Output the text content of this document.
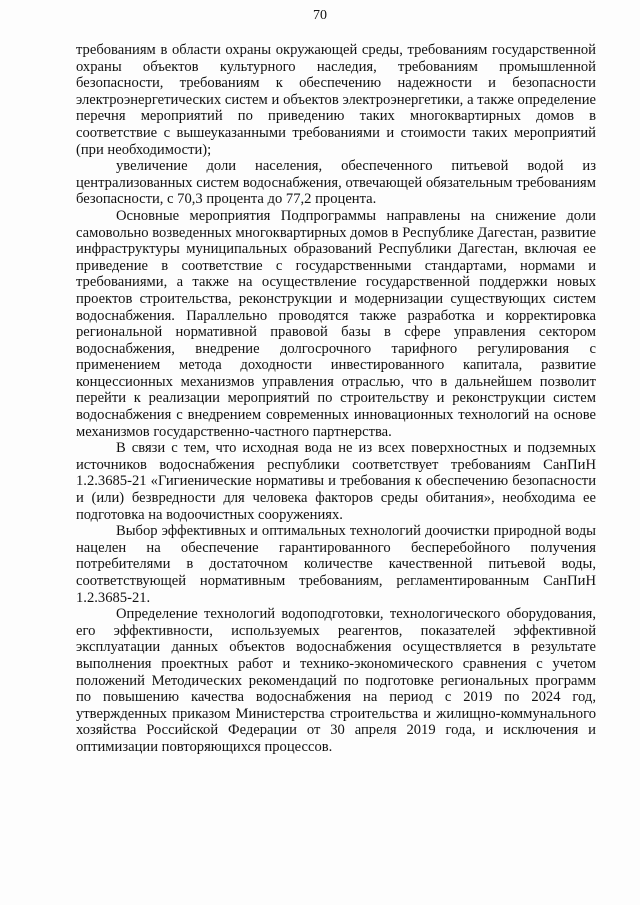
70

требованиям в области охраны окружающей среды, требованиям государственной охраны объектов культурного наследия, требованиям промышленной безопасности, требованиям к обеспечению надежности и безопасности электроэнергетических систем и объектов электроэнергетики, а также определение перечня мероприятий по приведению таких многоквартирных домов в соответствие с вышеуказанными требованиями и стоимости таких мероприятий (при необходимости);

увеличение доли населения, обеспеченного питьевой водой из централизованных систем водоснабжения, отвечающей обязательным требованиям безопасности, с 70,3 процента до 77,2 процента.

Основные мероприятия Подпрограммы направлены на снижение доли самовольно возведенных многоквартирных домов в Республике Дагестан, развитие инфраструктуры муниципальных образований Республики Дагестан, включая ее приведение в соответствие с государственными стандартами, нормами и требованиями, а также на осуществление государственной поддержки новых проектов строительства, реконструкции и модернизации существующих систем водоснабжения. Параллельно проводятся также разработка и корректировка региональной нормативной правовой базы в сфере управления сектором водоснабжения, внедрение долгосрочного тарифного регулирования с применением метода доходности инвестированного капитала, развитие концессионных механизмов управления отраслью, что в дальнейшем позволит перейти к реализации мероприятий по строительству и реконструкции систем водоснабжения с внедрением современных инновационных технологий на основе механизмов государственно-частного партнерства.

В связи с тем, что исходная вода не из всех поверхностных и подземных источников водоснабжения республики соответствует требованиям СанПиН 1.2.3685-21 «Гигиенические нормативы и требования к обеспечению безопасности и (или) безвредности для человека факторов среды обитания», необходима ее подготовка на водоочистных сооружениях.

Выбор эффективных и оптимальных технологий доочистки природной воды нацелен на обеспечение гарантированного бесперебойного получения потребителями в достаточном количестве качественной питьевой воды, соответствующей нормативным требованиям, регламентированным СанПиН 1.2.3685-21.

Определение технологий водоподготовки, технологического оборудования, его эффективности, используемых реагентов, показателей эффективной эксплуатации данных объектов водоснабжения осуществляется в результате выполнения проектных работ и технико-экономического сравнения с учетом положений Методических рекомендаций по подготовке региональных программ по повышению качества водоснабжения на период с 2019 по 2024 год, утвержденных приказом Министерства строительства и жилищно-коммунального хозяйства Российской Федерации от 30 апреля 2019 года, и исключения и оптимизации повторяющихся процессов.
